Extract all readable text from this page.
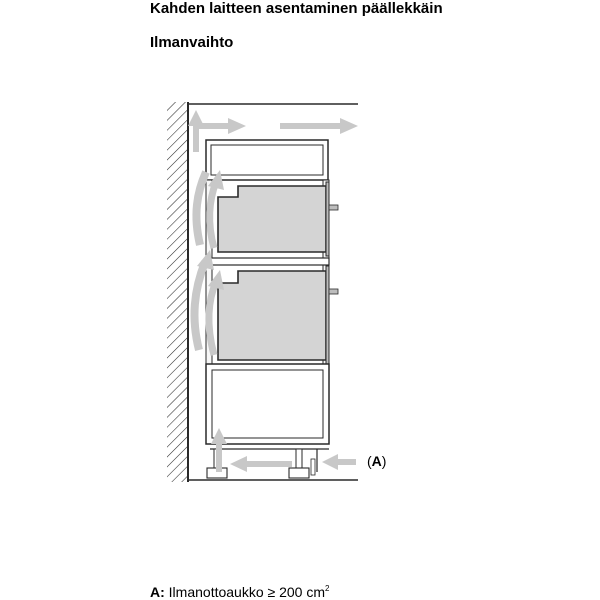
Kahden laitteen asentaminen päällekkäin
Ilmanvaihto
(A)
A: Ilmanottoaukko ≥ 200 $cm^2$
